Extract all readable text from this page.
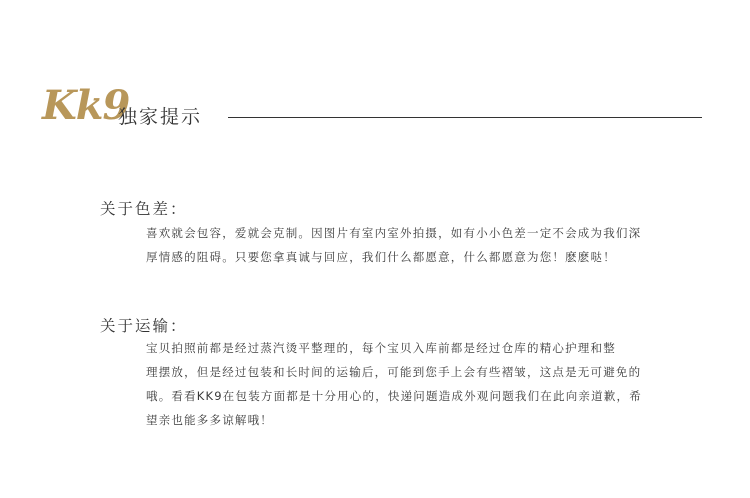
Kk9
独家提示
关于色差：

喜欢就会包容，爱就会克制。因图片有室内室外拍摄，如有小小色差一定不会成为我们深

厚情感的阻碍。只要您拿真诚与回应，我们什么都愿意，什么都愿意为您！麽麽哒！

关于运输：

宝贝拍照前都是经过蒸汽烫平整理的，每个宝贝入库前都是经过仓库的精心护理和整

理摆放，但是经过包装和长时间的运输后，可能到您手上会有些褶皱，这点是无可避免的

哦。看看KK9在包装方面都是十分用心的，快递问题造成外观问题我们在此向亲道歉，希

望亲也能多多谅解哦！
